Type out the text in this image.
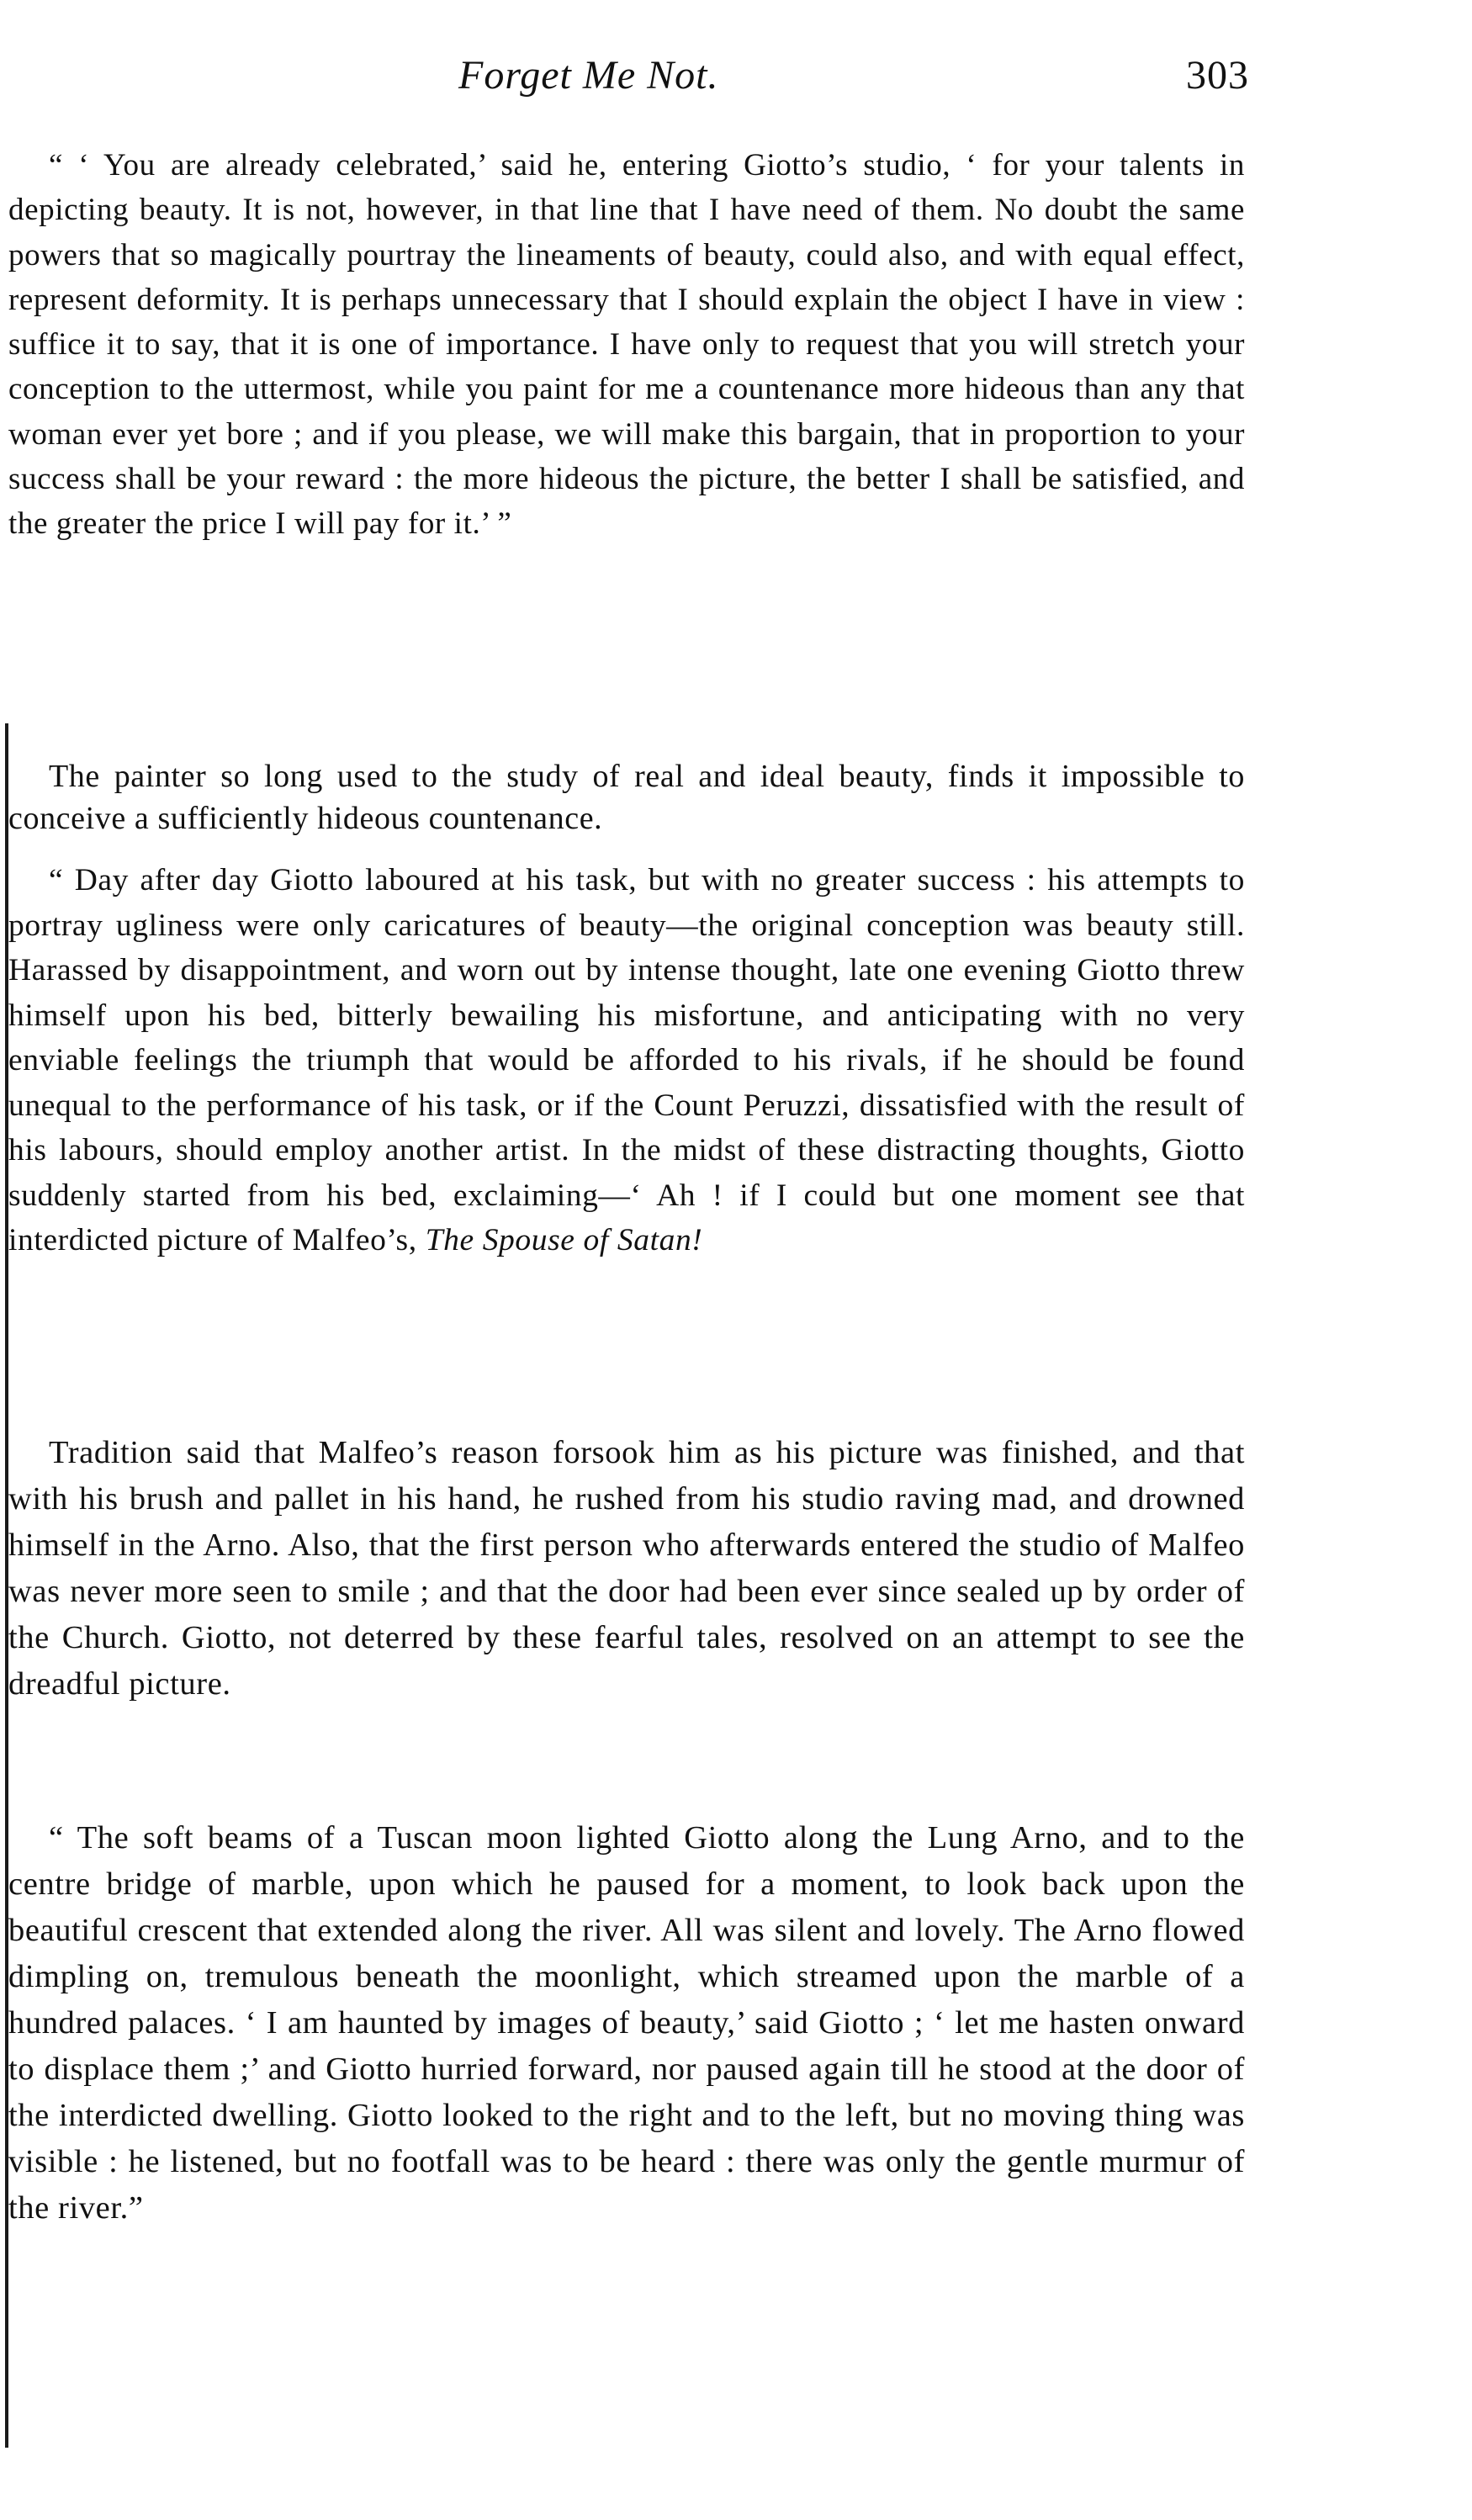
Forget Me Not.	303

“ ‘ You are already celebrated,’ said he, entering Giotto’s studio, ‘ for your talents in depicting beauty. It is not, however, in that line that I have need of them. No doubt the same powers that so magically pourtray the lineaments of beauty, could also, and with equal effect, represent deformity. It is perhaps unnecessary that I should explain the object I have in view : suffice it to say, that it is one of importance. I have only to request that you will stretch your conception to the uttermost, while you paint for me a countenance more hideous than any that woman ever yet bore ; and if you please, we will make this bargain, that in proportion to your success shall be your reward : the more hideous the picture, the better I shall be satisfied, and the greater the price I will pay for it.’ ”

The painter so long used to the study of real and ideal beauty, finds it impossible to conceive a sufficiently hideous countenance.

“ Day after day Giotto laboured at his task, but with no greater success : his attempts to portray ugliness were only caricatures of beauty—the original conception was beauty still. Harassed by disappointment, and worn out by intense thought, late one evening Giotto threw himself upon his bed, bitterly bewailing his misfortune, and anticipating with no very enviable feelings the triumph that would be afforded to his rivals, if he should be found unequal to the performance of his task, or if the Count Peruzzi, dissatisfied with the result of his labours, should employ another artist. In the midst of these distracting thoughts, Giotto suddenly started from his bed, exclaiming—‘ Ah ! if I could but one moment see that interdicted picture of Malfeo’s, The Spouse of Satan!

Tradition said that Malfeo’s reason forsook him as his picture was finished, and that with his brush and pallet in his hand, he rushed from his studio raving mad, and drowned himself in the Arno. Also, that the first person who afterwards entered the studio of Malfeo was never more seen to smile ; and that the door had been ever since sealed up by order of the Church. Giotto, not deterred by these fearful tales, resolved on an attempt to see the dreadful picture.

“ The soft beams of a Tuscan moon lighted Giotto along the Lung Arno, and to the centre bridge of marble, upon which he paused for a moment, to look back upon the beautiful crescent that extended along the river. All was silent and lovely. The Arno flowed dimpling on, tremulous beneath the moonlight, which streamed upon the marble of a hundred palaces. ‘ I am haunted by images of beauty,’ said Giotto ; ‘ let me hasten onward to displace them ;’ and Giotto hurried forward, nor paused again till he stood at the door of the interdicted dwelling. Giotto looked to the right and to the left, but no moving thing was visible : he listened, but no footfall was to be heard : there was only the gentle murmur of the river.”
